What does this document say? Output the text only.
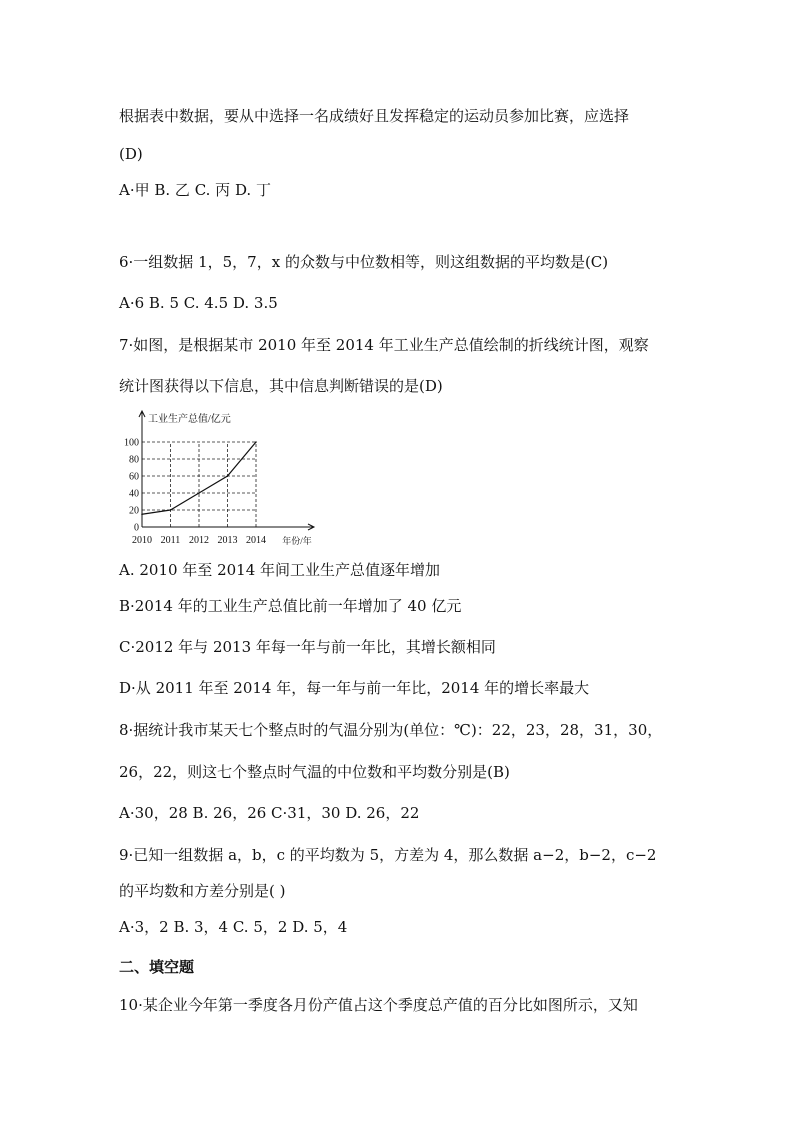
根据表中数据，要从中选择一名成绩好且发挥稳定的运动员参加比赛，应选择
(D)
A·甲 B. 乙 C. 丙 D. 丁
6·一组数据 1，5，7，x 的众数与中位数相等，则这组数据的平均数是(C)
A·6 B. 5 C. 4.5 D. 3.5
7·如图，是根据某市 2010 年至 2014 年工业生产总值绘制的折线统计图，观察
统计图获得以下信息，其中信息判断错误的是(D)
0
20
40
60
80
100
2010 2011 2012 2013 2014
工业生产总值/亿元
年份/年
A. 2010 年至 2014 年间工业生产总值逐年增加
B·2014 年的工业生产总值比前一年增加了 40 亿元
C·2012 年与 2013 年每一年与前一年比，其增长额相同
D·从 2011 年至 2014 年，每一年与前一年比，2014 年的增长率最大
8·据统计我市某天七个整点时的气温分别为(单位：℃)：22，23，28，31，30，
26，22，则这七个整点时气温的中位数和平均数分别是(B)
A·30，28 B. 26，26 C·31，30 D. 26，22
9·已知一组数据 a，b，c 的平均数为 5，方差为 4，那么数据 a−2，b−2，c−2
的平均数和方差分别是( )
A·3，2 B. 3，4 C. 5，2 D. 5，4
二、填空题
10·某企业今年第一季度各月份产值占这个季度总产值的百分比如图所示，又知
